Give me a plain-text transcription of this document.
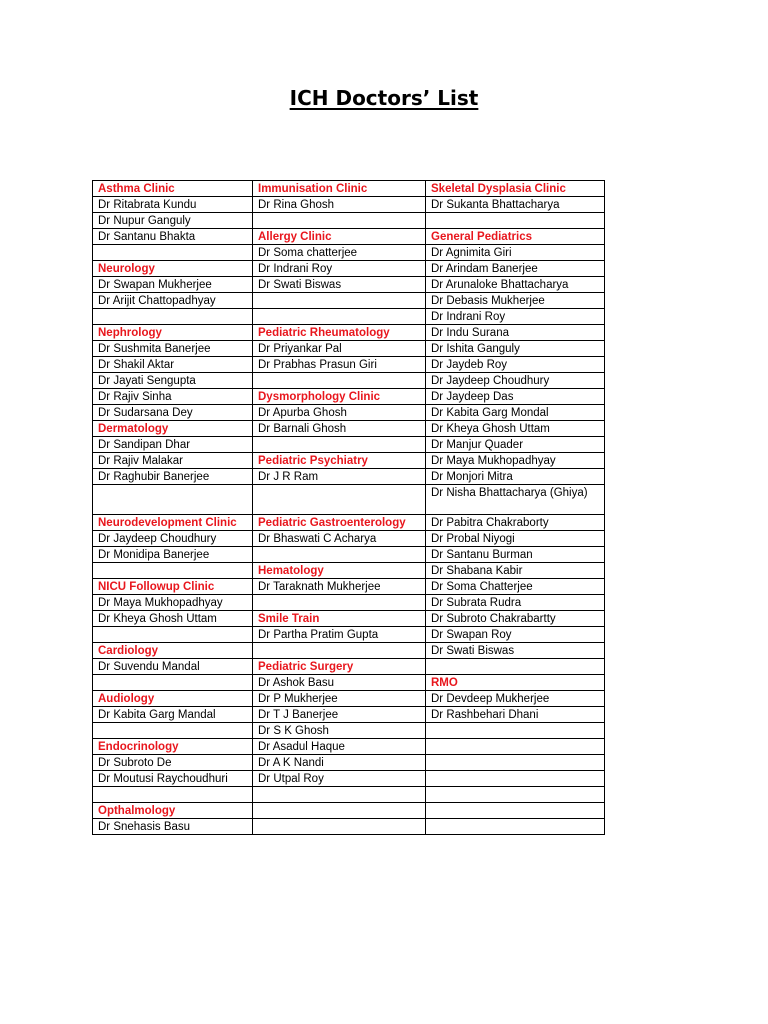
ICH Doctors’ List
Asthma Clinic	Immunisation Clinic	Skeletal Dysplasia Clinic
Dr Ritabrata Kundu	Dr Rina Ghosh	Dr Sukanta Bhattacharya
Dr Nupur Ganguly		
Dr Santanu Bhakta	Allergy Clinic	General Pediatrics
	Dr Soma chatterjee	Dr Agnimita Giri
Neurology	Dr Indrani Roy	Dr Arindam Banerjee
Dr Swapan Mukherjee	Dr Swati Biswas	Dr Arunaloke Bhattacharya
Dr Arijit Chattopadhyay		Dr Debasis Mukherjee
		Dr Indrani Roy
Nephrology	Pediatric Rheumatology	Dr Indu Surana
Dr Sushmita Banerjee	Dr Priyankar Pal	Dr Ishita Ganguly
Dr Shakil Aktar	Dr Prabhas Prasun Giri	Dr Jaydeb Roy
Dr Jayati Sengupta		Dr Jaydeep Choudhury
Dr Rajiv Sinha	Dysmorphology Clinic	Dr Jaydeep Das
Dr Sudarsana Dey	Dr Apurba Ghosh	Dr Kabita Garg Mondal
Dermatology	Dr Barnali Ghosh	Dr Kheya Ghosh Uttam
Dr Sandipan Dhar		Dr Manjur Quader
Dr Rajiv Malakar	Pediatric Psychiatry	Dr Maya Mukhopadhyay
Dr Raghubir Banerjee	Dr J R Ram	Dr Monjori Mitra
		Dr Nisha Bhattacharya (Ghiya)
Neurodevelopment Clinic	Pediatric Gastroenterology	Dr Pabitra Chakraborty
Dr Jaydeep Choudhury	Dr Bhaswati C Acharya	Dr Probal Niyogi
Dr Monidipa Banerjee		Dr Santanu Burman
	Hematology	Dr Shabana Kabir
NICU Followup Clinic	Dr Taraknath Mukherjee	Dr Soma Chatterjee
Dr Maya Mukhopadhyay		Dr Subrata Rudra
Dr Kheya Ghosh Uttam	Smile Train	Dr Subroto Chakrabartty
	Dr Partha Pratim Gupta	Dr Swapan Roy
Cardiology		Dr Swati Biswas
Dr Suvendu Mandal	Pediatric Surgery	
	Dr Ashok Basu	RMO
Audiology	Dr P Mukherjee	Dr Devdeep Mukherjee
Dr Kabita Garg Mandal	Dr T J Banerjee	Dr Rashbehari Dhani
	Dr S K Ghosh	
Endocrinology	Dr Asadul Haque	
Dr Subroto De	Dr A K Nandi	
Dr Moutusi Raychoudhuri	Dr Utpal Roy	

Opthalmology		
Dr Snehasis Basu		
